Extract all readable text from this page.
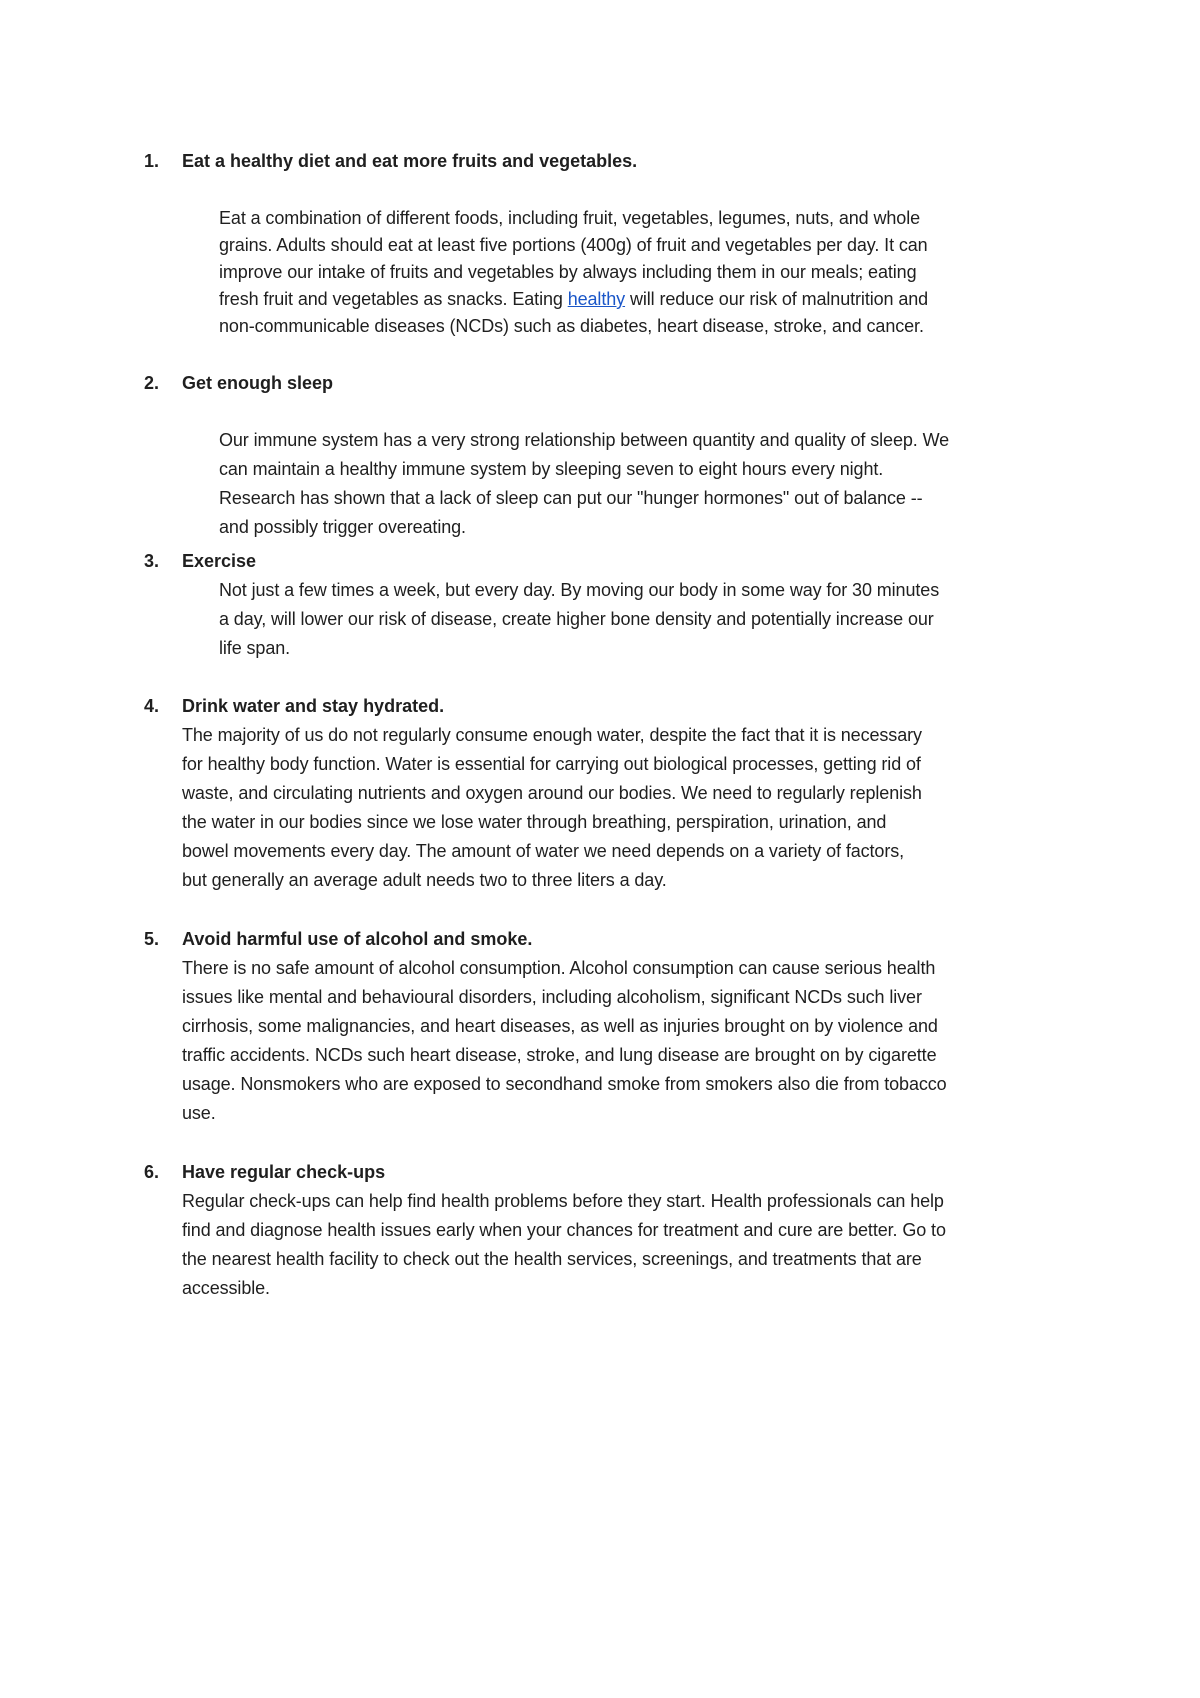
1. Eat a healthy diet and eat more fruits and vegetables.
Eat a combination of different foods, including fruit, vegetables, legumes, nuts, and whole
grains. Adults should eat at least five portions (400g) of fruit and vegetables per day. It can
improve our intake of fruits and vegetables by always including them in our meals; eating
fresh fruit and vegetables as snacks. Eating healthy will reduce our risk of malnutrition and
non-communicable diseases (NCDs) such as diabetes, heart disease, stroke, and cancer.
2. Get enough sleep
Our immune system has a very strong relationship between quantity and quality of sleep. We
can maintain a healthy immune system by sleeping seven to eight hours every night.
Research has shown that a lack of sleep can put our "hunger hormones" out of balance --
and possibly trigger overeating.
3. Exercise
Not just a few times a week, but every day. By moving our body in some way for 30 minutes
a day, will lower our risk of disease, create higher bone density and potentially increase our
life span.
4. Drink water and stay hydrated.
The majority of us do not regularly consume enough water, despite the fact that it is necessary
for healthy body function. Water is essential for carrying out biological processes, getting rid of
waste, and circulating nutrients and oxygen around our bodies. We need to regularly replenish
the water in our bodies since we lose water through breathing, perspiration, urination, and
bowel movements every day. The amount of water we need depends on a variety of factors,
but generally an average adult needs two to three liters a day.
5. Avoid harmful use of alcohol and smoke.
There is no safe amount of alcohol consumption. Alcohol consumption can cause serious health
issues like mental and behavioural disorders, including alcoholism, significant NCDs such liver
cirrhosis, some malignancies, and heart diseases, as well as injuries brought on by violence and
traffic accidents. NCDs such heart disease, stroke, and lung disease are brought on by cigarette
usage. Nonsmokers who are exposed to secondhand smoke from smokers also die from tobacco
use.
6. Have regular check-ups
Regular check-ups can help find health problems before they start. Health professionals can help
find and diagnose health issues early when your chances for treatment and cure are better. Go to
the nearest health facility to check out the health services, screenings, and treatments that are
accessible.
